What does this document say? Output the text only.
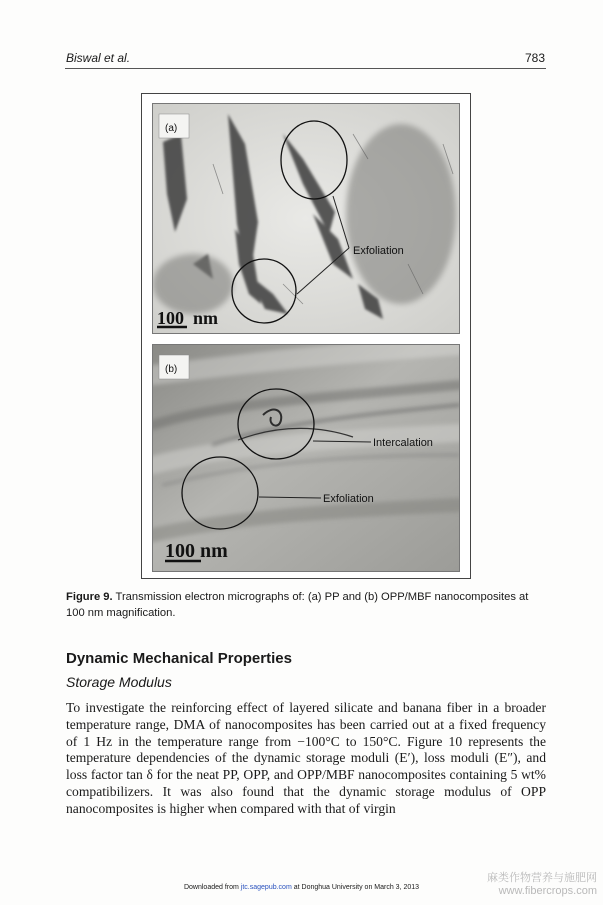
Biswal et al.	783
(a)
Exfoliation
100  nm
(b)
Intercalation
Exfoliation
100 nm
Figure 9. Transmission electron micrographs of: (a) PP and (b) OPP/MBF nanocomposites at 100 nm magnification.
Dynamic Mechanical Properties
Storage Modulus
To investigate the reinforcing effect of layered silicate and banana fiber in a broader temperature range, DMA of nanocomposites has been carried out at a fixed frequency of 1 Hz in the temperature range from −100°C to 150°C. Figure 10 represents the temperature dependencies of the dynamic storage moduli (E′), loss moduli (E″), and loss factor tan δ for the neat PP, OPP, and OPP/MBF nanocomposites containing 5 wt% compatibilizers. It was also found that the dynamic storage modulus of OPP nanocomposites is higher when compared with that of virgin
Downloaded from jtc.sagepub.com at Donghua University on March 3, 2013
麻类作物营养与施肥网
www.fibercrops.com
